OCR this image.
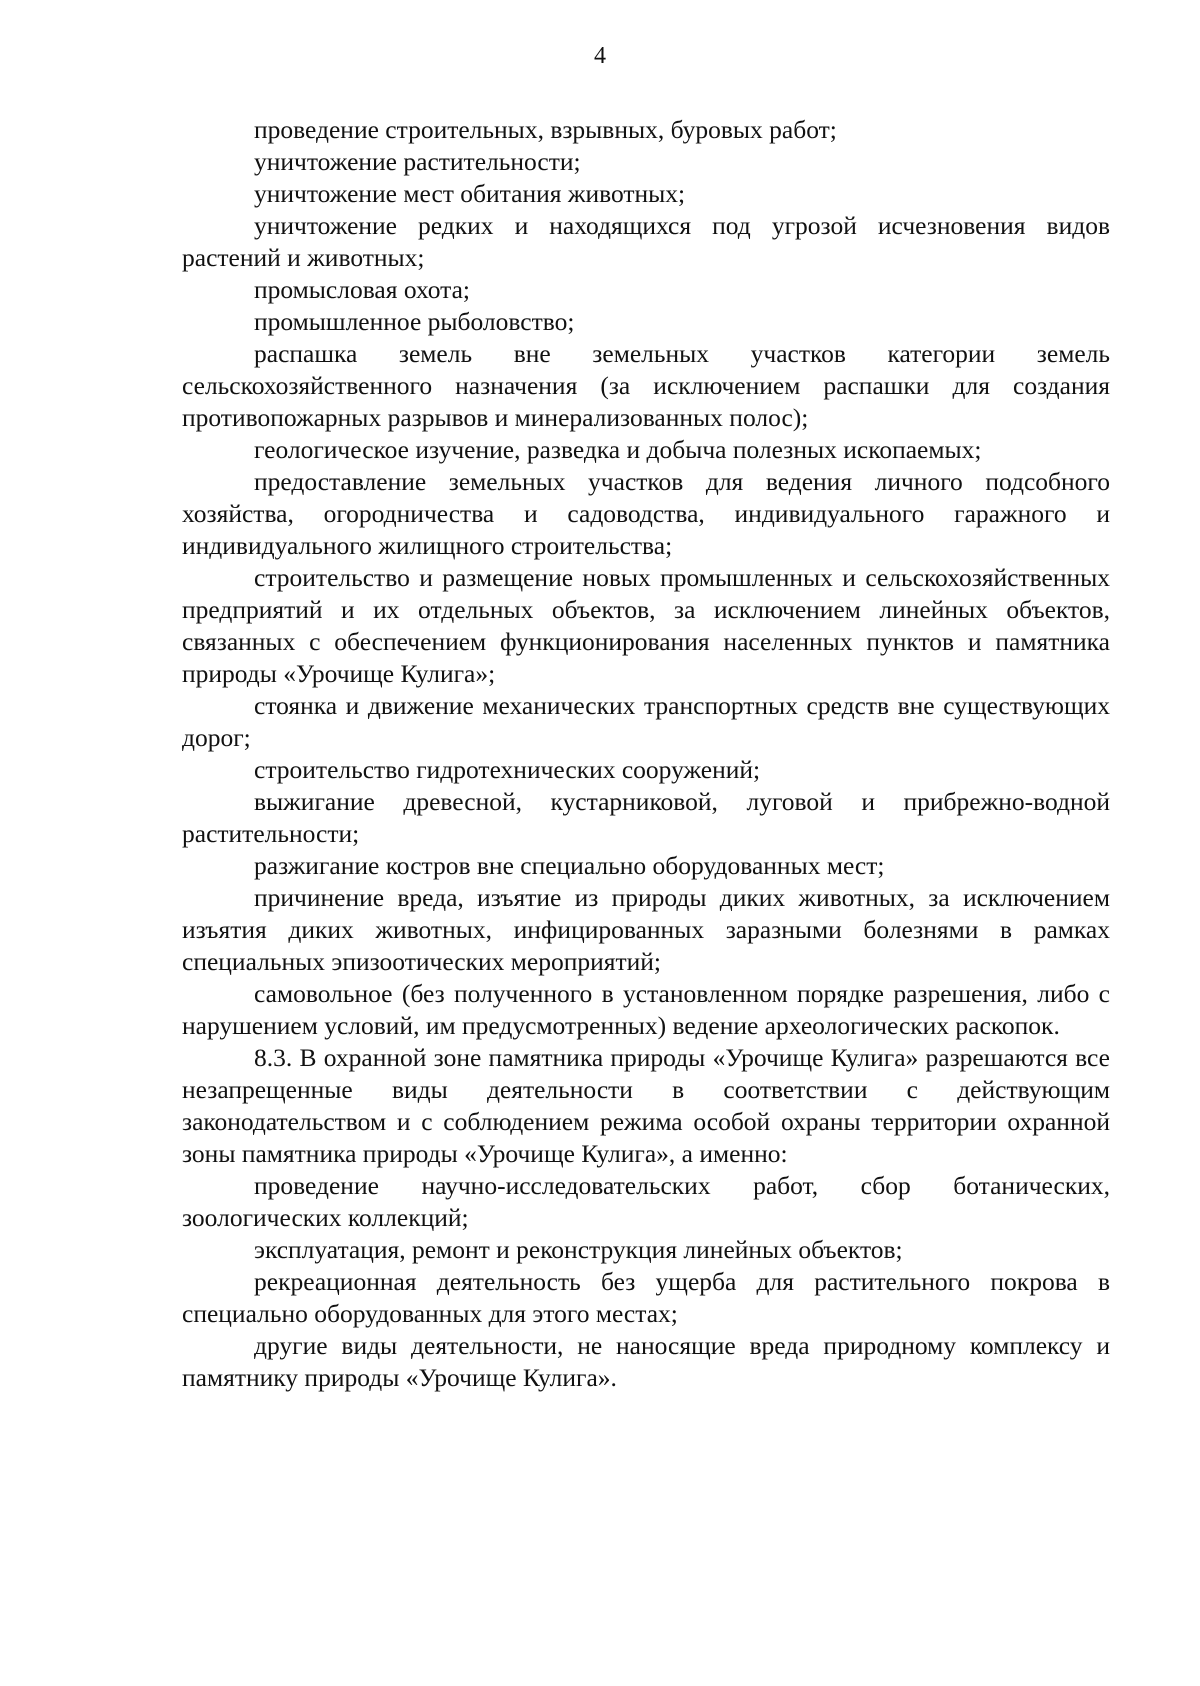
4

проведение строительных, взрывных, буровых работ;

уничтожение растительности;

уничтожение мест обитания животных;

уничтожение редких и находящихся под угрозой исчезновения видов растений и животных;

промысловая охота;

промышленное рыболовство;

распашка земель вне земельных участков категории земель сельскохозяйственного назначения (за исключением распашки для создания противопожарных разрывов и минерализованных полос);

геологическое изучение, разведка и добыча полезных ископаемых;

предоставление земельных участков для ведения личного подсобного хозяйства, огородничества и садоводства, индивидуального гаражного и индивидуального жилищного строительства;

строительство и размещение новых промышленных и сельскохозяйственных предприятий и их отдельных объектов, за исключением линейных объектов, связанных с обеспечением функционирования населенных пунктов и памятника природы «Урочище Кулига»;

стоянка и движение механических транспортных средств вне существующих дорог;

строительство гидротехнических сооружений;

выжигание древесной, кустарниковой, луговой и прибрежно-водной растительности;

разжигание костров вне специально оборудованных мест;

причинение вреда, изъятие из природы диких животных, за исключением изъятия диких животных, инфицированных заразными болезнями в рамках специальных эпизоотических мероприятий;

самовольное (без полученного в установленном порядке разрешения, либо с нарушением условий, им предусмотренных) ведение археологических раскопок.

8.3. В охранной зоне памятника природы «Урочище Кулига» разрешаются все незапрещенные виды деятельности в соответствии с действующим законодательством и с соблюдением режима особой охраны территории охранной зоны памятника природы «Урочище Кулига», а именно:

проведение научно-исследовательских работ, сбор ботанических, зоологических коллекций;

эксплуатация, ремонт и реконструкция линейных объектов;

рекреационная деятельность без ущерба для растительного покрова в специально оборудованных для этого местах;

другие виды деятельности, не наносящие вреда природному комплексу и памятнику природы «Урочище Кулига».
